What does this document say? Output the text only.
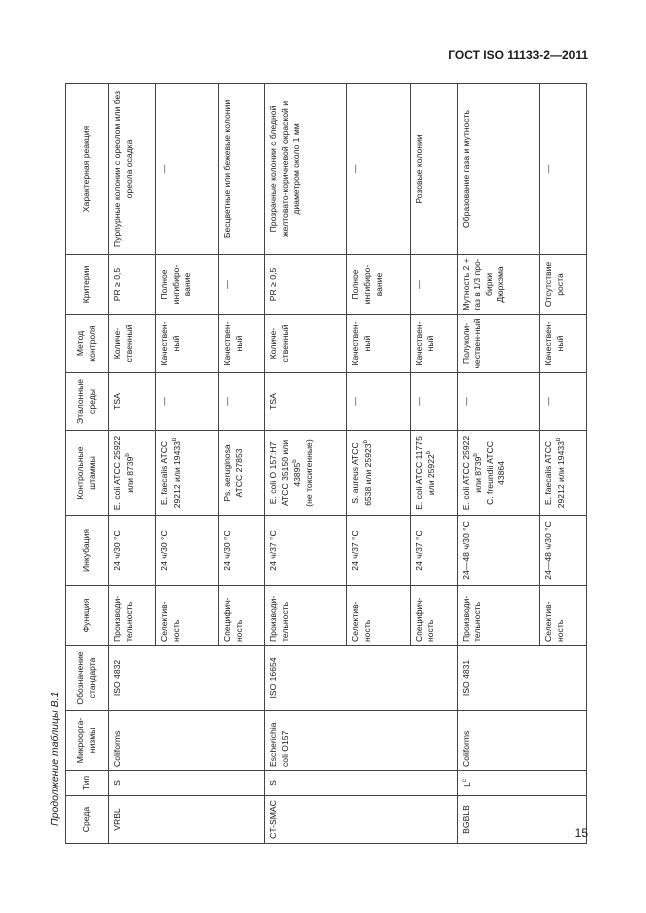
ГОСТ ISO 11133-2—2011
Продолжение таблицы В.1 Среда	Тип	Микроорга-низмы	Обозначение стандарта	Функция	Инкубация	Контрольные штаммы	Эталонные среды	Метод контроля	Критерии	Характерная реакция
VRBL	S	Coliforms	ISO 4832	Производи-тельность	24 ч/30 °С	E. coli ATCC 25922 или 8739$^b$	TSA	Количе-ственный	PR ≥ 0,5	Пурпурные колонии с ореолом или без ореола осадка
				Селектив-ность	24 ч/30 °С	E. faecalis ATCC 29212 или 19433$^b$	—	Качествен-ный	Полное ингибиро-вание	—
				Специфич-ность	24 ч/30 °С	Ps. aeruginosa ATCC 27853	—	Качествен-ный	—	Бесцветные или бежевые колонии
CT-SMAC	S	Escherichia coli O157	ISO 16654	Производи-тельность	24 ч/37 °С	E. coli O 157:H7 ATCC 35150 или 43895$^b$ (не токсигенные)	TSA	Количе-ственный	PR ≥ 0,5	Прозрачные колонии с бледной желтовато-коричневой окраской и диаметром около 1 мм
				Селектив-ность	24 ч/37 °С	S. aureus ATCC 6538 или 25923$^b$	—	Качествен-ный	Полное ингибиро-вание	—
				Специфич-ность	24 ч/37 °С	E. coli ATCC 11775 или 25922$^b$	—	Качествен-ный	—	Розовые колонии
BGBLB	$L^c$	Coliforms	ISO 4831	Производи-тельность	24—48 ч/30 °С	E. coli ATCC 25922 или 8739$^b$ C. freundii ATCC 43864	—	Полуколи-чествен-ный	Мутность 2 + газ в 1/3 про-бирки Дюрхэма	Образование газа и мутность
				Селектив-ность	24—48 ч/30 °С	E. faecalis ATCC 29212 или 19433$^b$	—	Качествен-ный	Отсутствие роста	—
15
